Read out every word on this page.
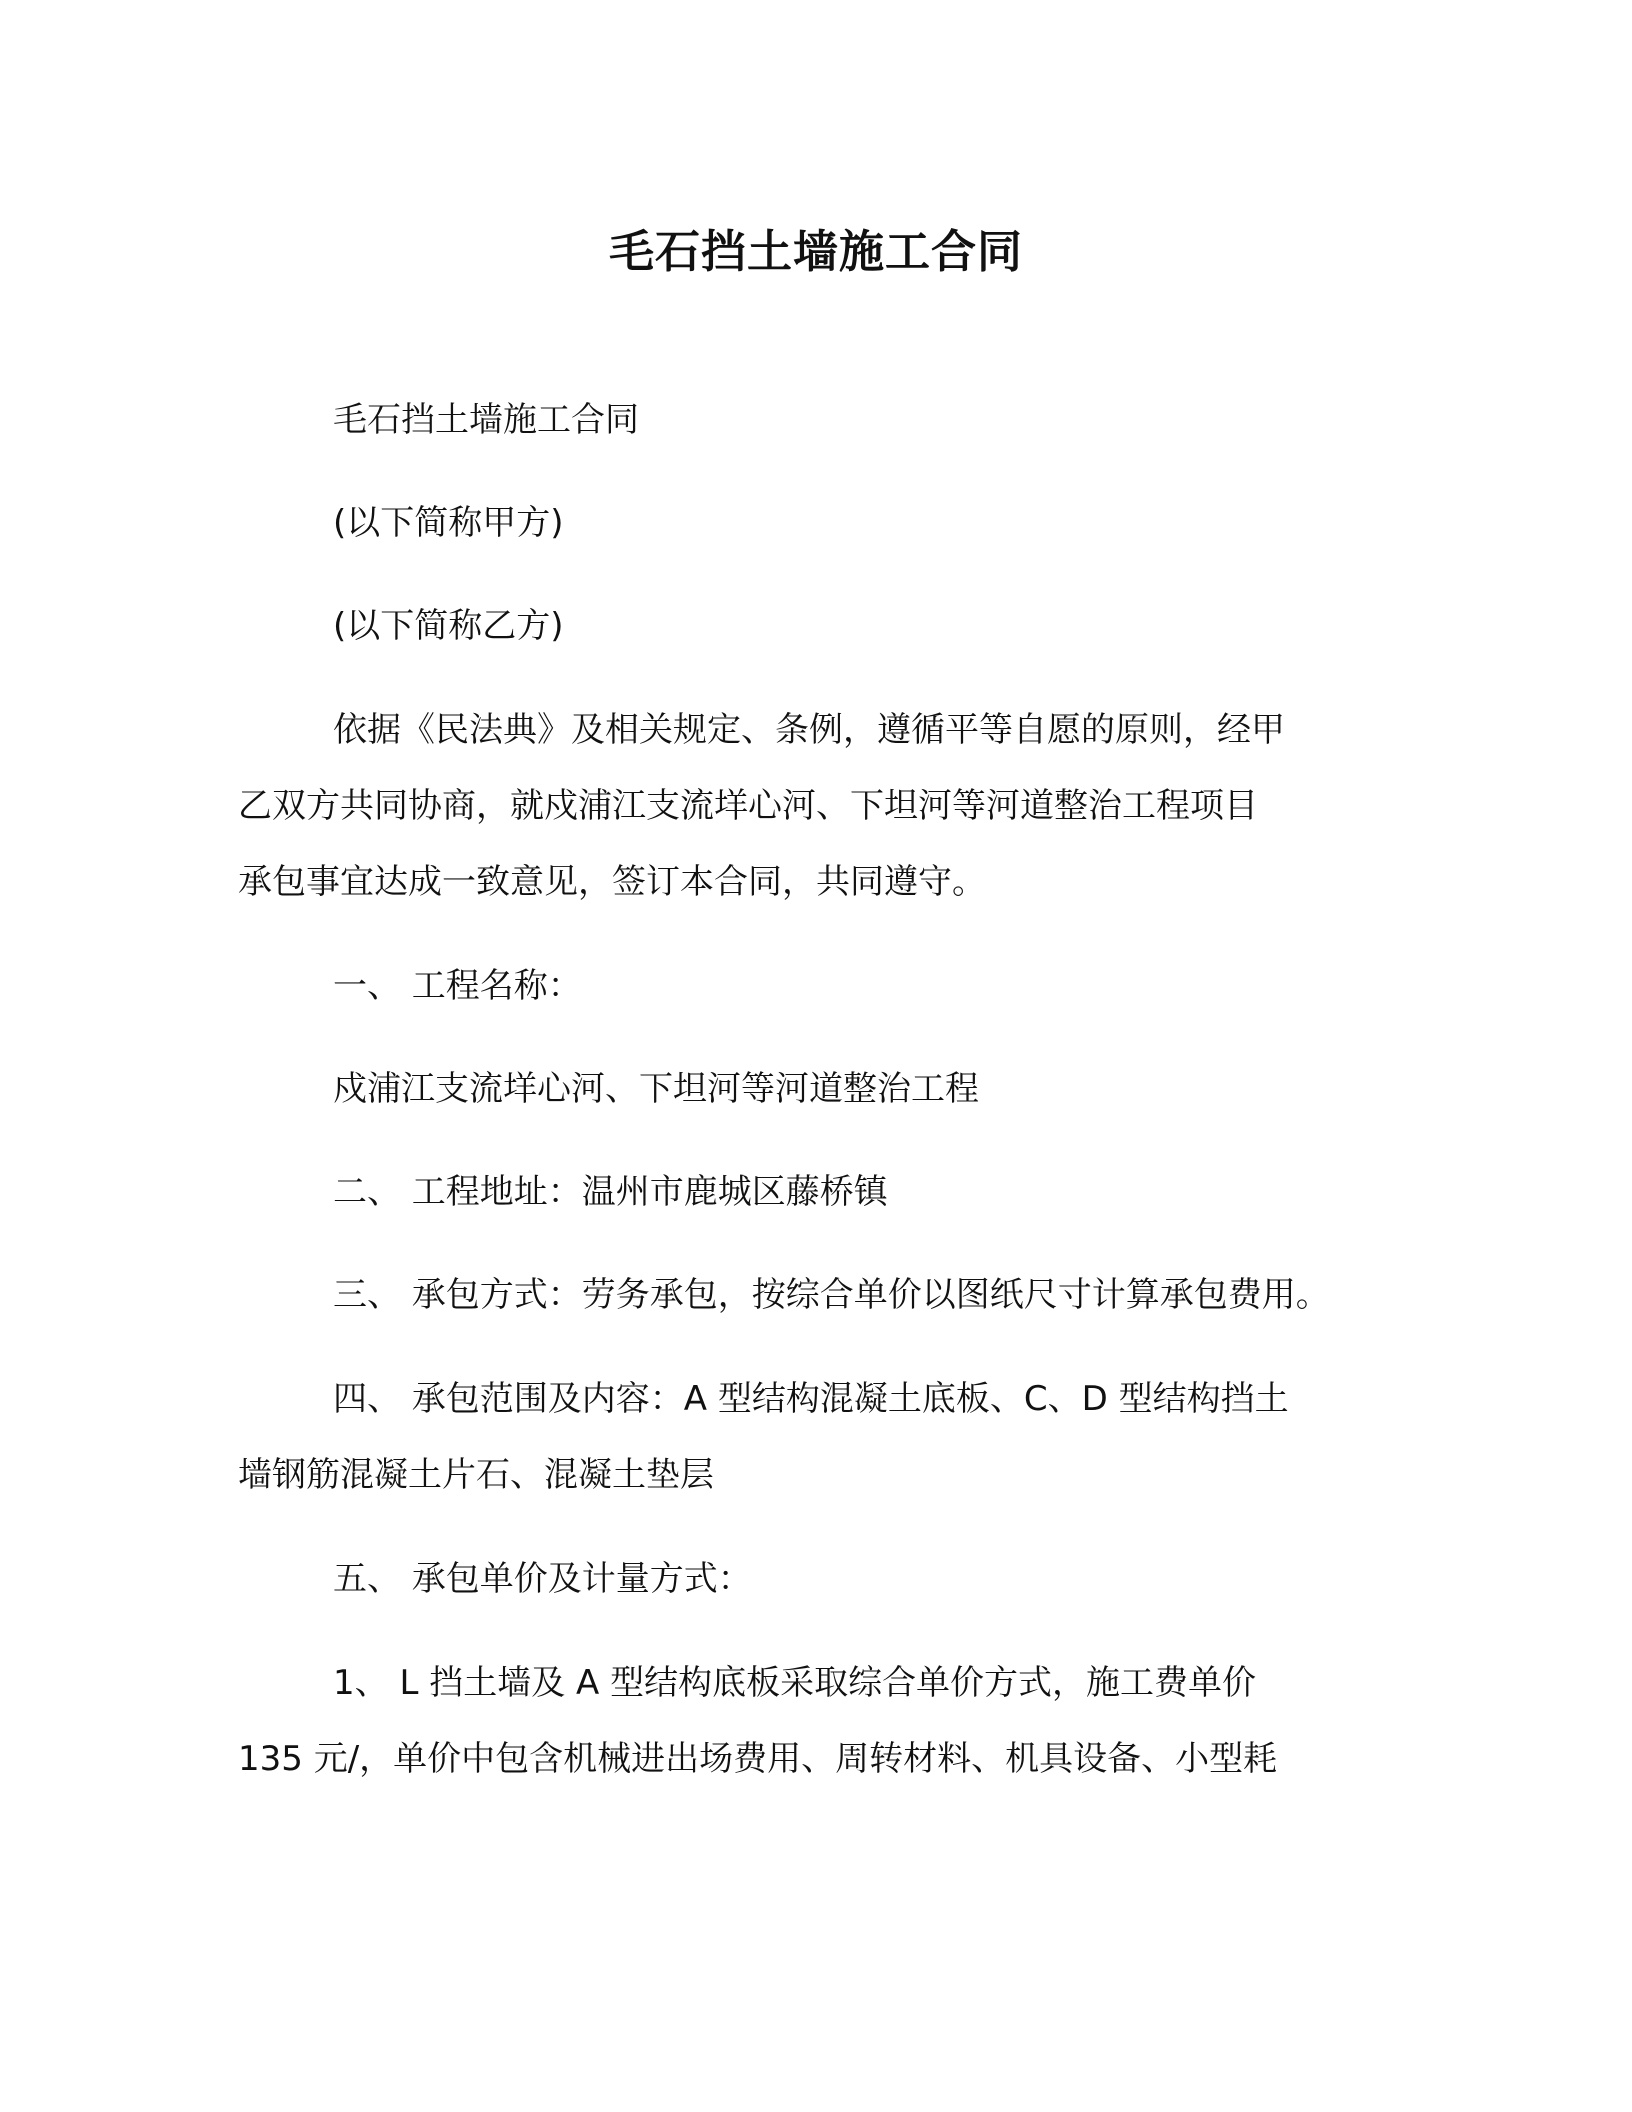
毛石挡土墙施工合同
毛石挡土墙施工合同
(以下简称甲方)
(以下简称乙方)
依据《民法典》及相关规定、条例，遵循平等自愿的原则，经甲
乙双方共同协商，就戍浦江支流垟心河、下坦河等河道整治工程项目
承包事宜达成一致意见，签订本合同，共同遵守。
一、 工程名称：
戍浦江支流垟心河、下坦河等河道整治工程
二、 工程地址：温州市鹿城区藤桥镇
三、 承包方式：劳务承包，按综合单价以图纸尺寸计算承包费用。
四、 承包范围及内容：A 型结构混凝土底板、C、D 型结构挡土
墙钢筋混凝土片石、混凝土垫层
五、 承包单价及计量方式：
1、 L 挡土墙及 A 型结构底板采取综合单价方式，施工费单价
135 元/，单价中包含机械进出场费用、周转材料、机具设备、小型耗
